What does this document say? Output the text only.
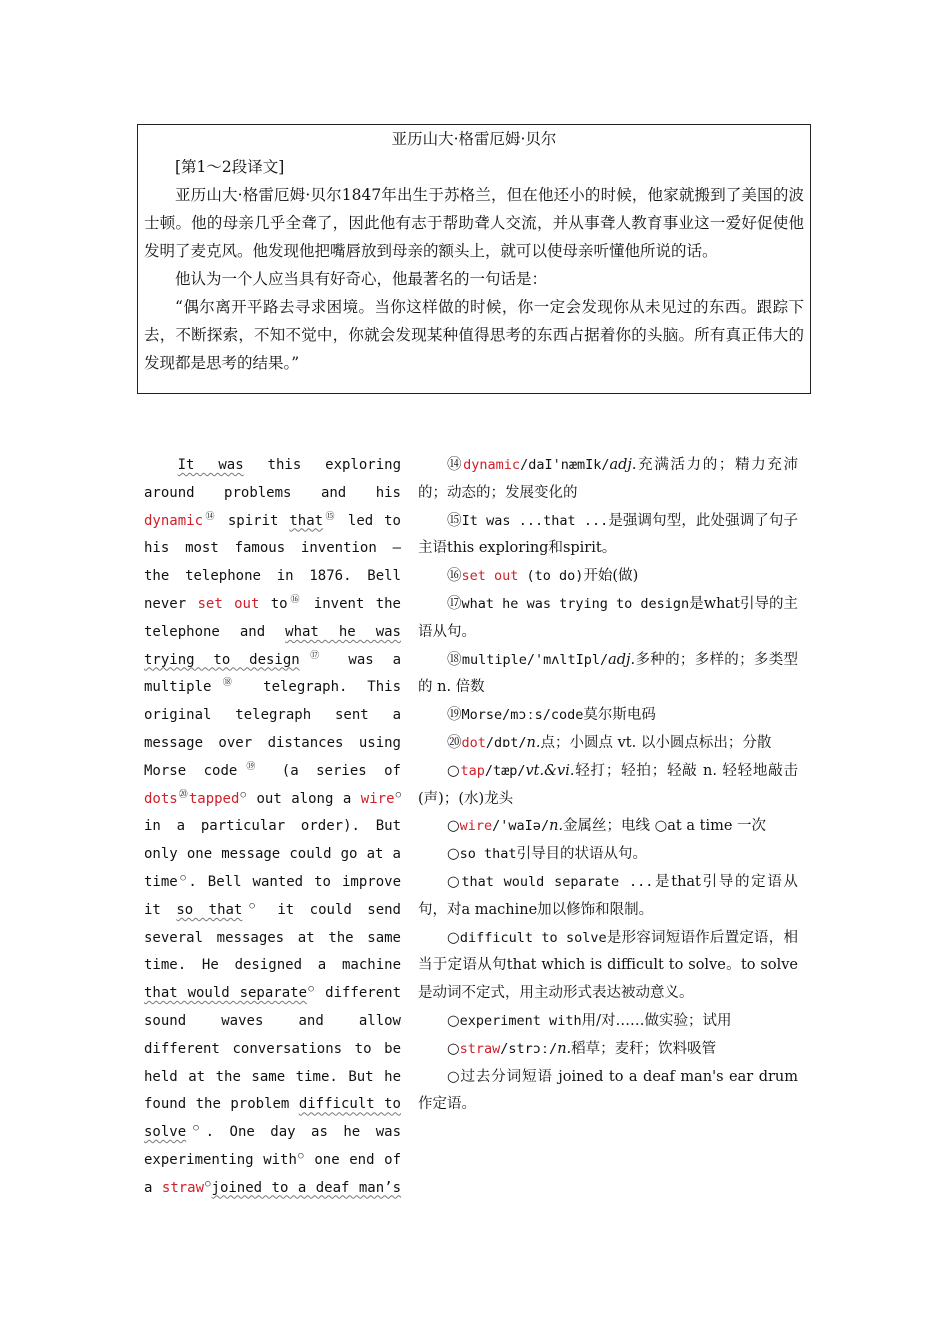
亚历山大·格雷厄姆·贝尔

[第1～2段译文]

亚历山大·格雷厄姆·贝尔1847年出生于苏格兰，但在他还小的时候，他家就搬到了美国的波士顿。他的母亲几乎全聋了，因此他有志于帮助聋人交流，并从事聋人教育事业这一爱好促使他发明了麦克风。他发现他把嘴唇放到母亲的额头上，就可以使母亲听懂他所说的话。

他认为一个人应当具有好奇心，他最著名的一句话是：

“偶尔离开平路去寻求困境。当你这样做的时候，你一定会发现你从未见过的东西。跟踪下去，不断探索，不知不觉中，你就会发现某种值得思考的东西占据着你的头脑。所有真正伟大的发现都是思考的结果。”

It was this exploring around problems and his dynamic⑭ spirit that⑮ led to his most famous invention — the telephone in 1876. Bell never set out to⑯ invent the telephone and what he was trying to design⑰ was a multiple⑱ telegraph. This original telegraph sent a message over distances using Morse code⑲ (a series of dots⑳tapped○ out along a wire○ in a particular order). But only one message could go at a time○. Bell wanted to improve it so that○ it could send several messages at the same time. He designed a machine that would separate○ different sound waves and allow different conversations to be held at the same time. But he found the problem difficult to solve○. One day as he was experimenting with○ one end of a straw○joined to a deaf man’s

⑭dynamic/daI'næmIk/adj.充满活力的；精力充沛的；动态的；发展变化的

⑮It was ...that ...是强调句型，此处强调了句子主语this exploring和spirit。

⑯set out (to do)开始(做)

⑰what he was trying to design是what引导的主语从句。

⑱multiple/'mʌltIpl/adj.多种的；多样的；多类型的 n. 倍数

⑲Morse/mɔːs/code莫尔斯电码

⑳dot/dɒt/n.点；小圆点 vt. 以小圆点标出；分散

○tap/tæp/vt.&vi.轻打；轻拍；轻敲 n. 轻轻地敲击(声)；(水)龙头

○wire/'waIə/n.金属丝；电线 ○at a time 一次

○so that引导目的状语从句。

○that would separate ...是that引导的定语从句，对a machine加以修饰和限制。

○difficult to solve是形容词短语作后置定语，相当于定语从句that which is difficult to solve。to solve是动词不定式，用主动形式表达被动意义。

○experiment with用/对……做实验；试用

○straw/strɔː/n.稻草；麦秆；饮料吸管

○过去分词短语 joined to a deaf man's ear drum作定语。
